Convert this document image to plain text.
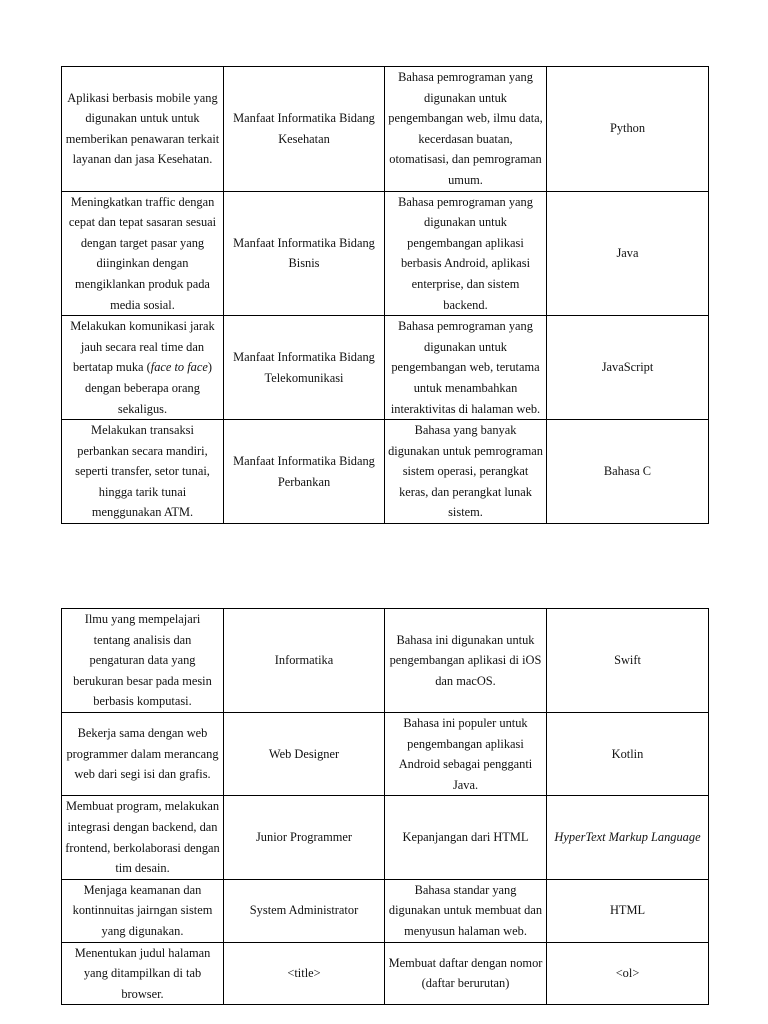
Aplikasi berbasis mobile yang digunakan untuk untuk memberikan penawaran terkait layanan dan jasa Kesehatan.	Manfaat Informatika Bidang Kesehatan	Bahasa pemrograman yang digunakan untuk pengembangan web, ilmu data, kecerdasan buatan, otomatisasi, dan pemrograman umum.	Python
Meningkatkan traffic dengan cepat dan tepat sasaran sesuai dengan target pasar yang diinginkan dengan mengiklankan produk pada media sosial.	Manfaat Informatika Bidang Bisnis	Bahasa pemrograman yang digunakan untuk pengembangan aplikasi berbasis Android, aplikasi enterprise, dan sistem backend.	Java
Melakukan komunikasi jarak jauh secara real time dan bertatap muka (face to face) dengan beberapa orang sekaligus.	Manfaat Informatika Bidang Telekomunikasi	Bahasa pemrograman yang digunakan untuk pengembangan web, terutama untuk menambahkan interaktivitas di halaman web.	JavaScript
Melakukan transaksi perbankan secara mandiri, seperti transfer, setor tunai, hingga tarik tunai menggunakan ATM.	Manfaat Informatika Bidang Perbankan	Bahasa yang banyak digunakan untuk pemrograman sistem operasi, perangkat keras, dan perangkat lunak sistem.	Bahasa C
Ilmu yang mempelajari tentang analisis dan pengaturan data yang berukuran besar pada mesin berbasis komputasi.	Informatika	Bahasa ini digunakan untuk pengembangan aplikasi di iOS dan macOS.	Swift
Bekerja sama dengan web programmer dalam merancang web dari segi isi dan grafis.	Web Designer	Bahasa ini populer untuk pengembangan aplikasi Android sebagai pengganti Java.	Kotlin
Membuat program, melakukan integrasi dengan backend, dan frontend, berkolaborasi dengan tim desain.	Junior Programmer	Kepanjangan dari HTML	HyperText Markup Language
Menjaga keamanan dan kontinnuitas jairngan sistem yang digunakan.	System Administrator	Bahasa standar yang digunakan untuk membuat dan menyusun halaman web.	HTML
Menentukan judul halaman yang ditampilkan di tab browser.	<title>	Membuat daftar dengan nomor (daftar berurutan)	<ol>
